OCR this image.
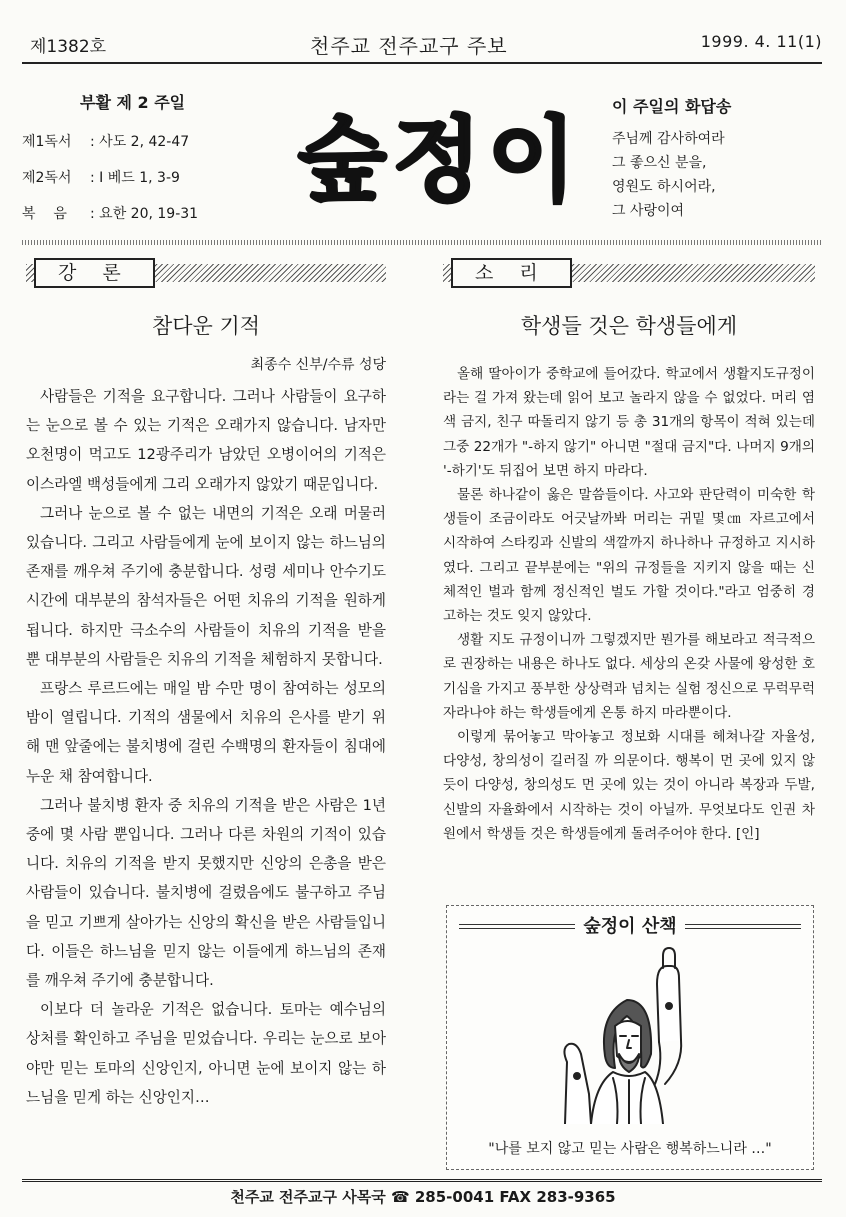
제1382호	천주교 전주교구 주보	1999. 4. 11(1)
부활 제 2 주일
제1독서 : 사도 2, 42-47
제2독서 : Ⅰ 베드 1, 3-9
복    음 : 요한 20, 19-31	숲정이
이 주일의 화답송
주님께 감사하여라
그 좋으신 분을,
영원도 하시어라,
그 사랑이여
강 론
참다운 기적
최종수 신부/수류 성당

사람들은 기적을 요구합니다. 그러나 사람들이 요구하는 눈으로 볼 수 있는 기적은 오래가지 않습니다. 남자만 오천명이 먹고도 12광주리가 남았던 오병이어의 기적은 이스라엘 백성들에게 그리 오래가지 않았기 때문입니다.

그러나 눈으로 볼 수 없는 내면의 기적은 오래 머물러 있습니다. 그리고 사람들에게 눈에 보이지 않는 하느님의 존재를 깨우쳐 주기에 충분합니다. 성령 세미나 안수기도 시간에 대부분의 참석자들은 어떤 치유의 기적을 원하게 됩니다. 하지만 극소수의 사람들이 치유의 기적을 받을 뿐 대부분의 사람들은 치유의 기적을 체험하지 못합니다.

프랑스 루르드에는 매일 밤 수만 명이 참여하는 성모의 밤이 열립니다. 기적의 샘물에서 치유의 은사를 받기 위해 맨 앞줄에는 불치병에 걸린 수백명의 환자들이 침대에 누운 채 참여합니다.

그러나 불치병 환자 중 치유의 기적을 받은 사람은 1년 중에 몇 사람 뿐입니다. 그러나 다른 차원의 기적이 있습니다. 치유의 기적을 받지 못했지만 신앙의 은총을 받은 사람들이 있습니다. 불치병에 걸렸음에도 불구하고 주님을 믿고 기쁘게 살아가는 신앙의 확신을 받은 사람들입니다. 이들은 하느님을 믿지 않는 이들에게 하느님의 존재를 깨우쳐 주기에 충분합니다.

이보다 더 놀라운 기적은 없습니다. 토마는 예수님의 상처를 확인하고 주님을 믿었습니다. 우리는 눈으로 보아야만 믿는 토마의 신앙인지, 아니면 눈에 보이지 않는 하느님을 믿게 하는 신앙인지…

소 리
학생들 것은 학생들에게

올해 딸아이가 중학교에 들어갔다. 학교에서 생활지도규정이라는 걸 가져 왔는데 읽어 보고 놀라지 않을 수 없었다. 머리 염색 금지, 친구 따돌리지 않기 등 총 31개의 항목이 적혀 있는데 그중 22개가 "-하지 않기" 아니면 "절대 금지"다. 나머지 9개의 '-하기'도 뒤집어 보면 하지 마라다.

물론 하나같이 옳은 말씀들이다. 사고와 판단력이 미숙한 학생들이 조금이라도 어긋날까봐 머리는 귀밑 몇㎝ 자르고에서 시작하여 스타킹과 신발의 색깔까지 하나하나 규정하고 지시하였다. 그리고 끝부분에는 "위의 규정들을 지키지 않을 때는 신체적인 벌과 함께 정신적인 벌도 가할 것이다."라고 엄중히 경고하는 것도 잊지 않았다.

생활 지도 규정이니까 그렇겠지만 뭔가를 해보라고 적극적으로 권장하는 내용은 하나도 없다. 세상의 온갖 사물에 왕성한 호기심을 가지고 풍부한 상상력과 넘치는 실험 정신으로 무럭무럭 자라나야 하는 학생들에게 온통 하지 마라뿐이다.

이렇게 묶어놓고 막아놓고 정보화 시대를 헤쳐나갈 자율성, 다양성, 창의성이 길러질 까 의문이다. 행복이 먼 곳에 있지 않듯이 다양성, 창의성도 먼 곳에 있는 것이 아니라 복장과 두발, 신발의 자율화에서 시작하는 것이 아닐까. 무엇보다도 인권 차원에서 학생들 것은 학생들에게 돌려주어야 한다. [인]

숲정이 산책
"나를 보지 않고 믿는 사람은 행복하느니라 …"
천주교 전주교구 사목국 ☎ 285-0041 FAX 283-9365
